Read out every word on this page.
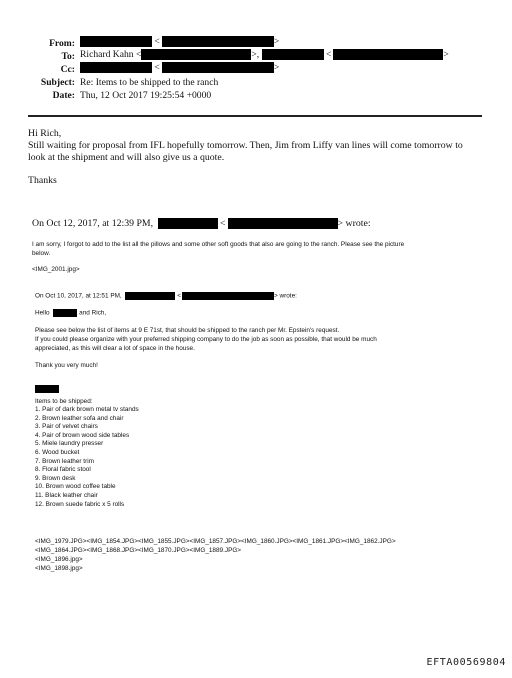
From:	<	>
To: Richard Kahn <	>,	<	>
Cc:	<	>
Subject: Re: Items to be shipped to the ranch
Date: Thu, 12 Oct 2017 19:25:54 +0000
Hi Rich,
Still waiting for proposal from IFL hopefully tomorrow. Then, Jim from Liffy van lines will come tomorrow to
look at the shipment and will also give us a quote.
Thanks
On Oct 12, 2017, at 12:39 PM,	<	> wrote:
I am sorry, I forgot to add to the list all the pillows and some other soft goods that also are going to the ranch. Please see the picture
below.
<IMG_2001.jpg>
On Oct 10, 2017, at 12:51 PM,	<	> wrote:
Hello	and Rich,
Please see below the list of items at 9 E 71st, that should be shipped to the ranch per Mr. Epstein's request.
If you could please organize with your preferred shipping company to do the job as soon as possible, that would be much
appreciated, as this will clear a lot of space in the house.
Thank you very much!
Items to be shipped:
1. Pair of dark brown metal tv stands
2. Brown leather sofa and chair
3. Pair of velvet chairs
4. Pair of brown wood side tables
5. Miele laundry presser
6. Wood bucket
7. Brown leather trim
8. Floral fabric stool
9. Brown desk
10. Brown wood coffee table
11. Black leather chair
12. Brown suede fabric x 5 rolls
<IMG_1979.JPG><IMG_1854.JPG><IMG_1855.JPG><IMG_1857.JPG><IMG_1860.JPG><IMG_1861.JPG><IMG_1862.JPG>
<IMG_1864.JPG><IMG_1868.JPG><IMG_1870.JPG><IMG_1889.JPG>
<IMG_1896.jpg>
<IMG_1898.jpg>
EFTA00569804
